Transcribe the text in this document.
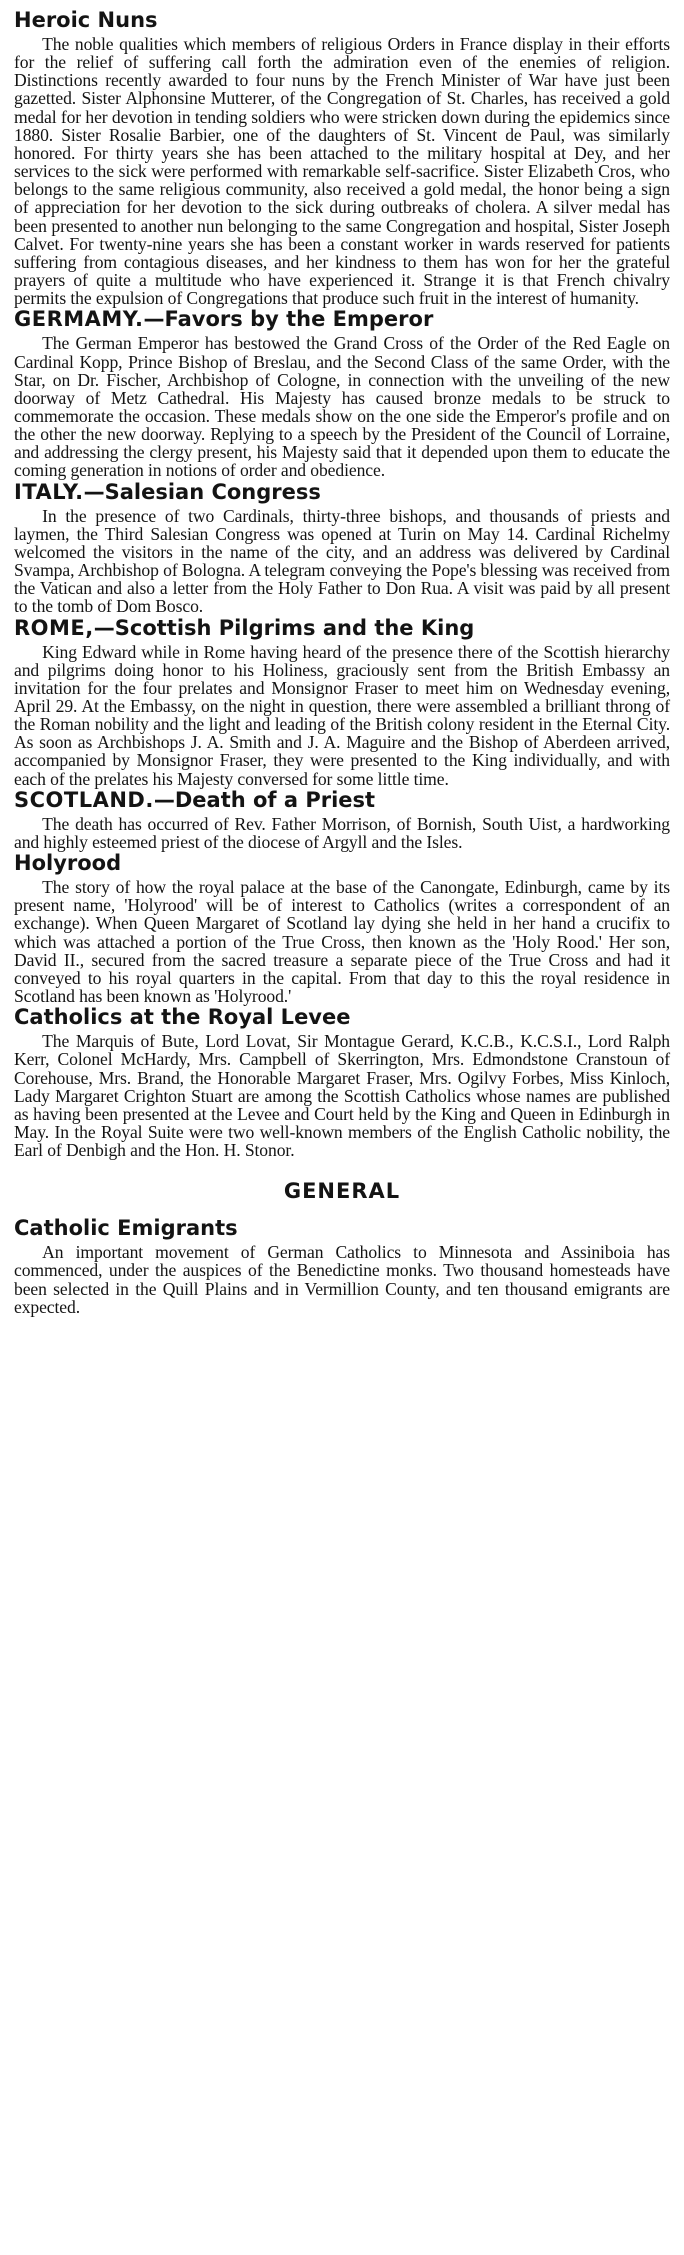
Heroic Nuns

The noble qualities which members of religious Orders in France display in their efforts for the relief of suffering call forth the admiration even of the enemies of religion. Distinctions recently awarded to four nuns by the French Minister of War have just been gazetted. Sister Alphonsine Mutterer, of the Congregation of St. Charles, has received a gold medal for her devotion in tending soldiers who were stricken down during the epidemics since 1880. Sister Rosalie Barbier, one of the daughters of St. Vincent de Paul, was similarly honored. For thirty years she has been attached to the military hospital at Dey, and her services to the sick were performed with remarkable self-sacrifice. Sister Elizabeth Cros, who belongs to the same religious community, also received a gold medal, the honor being a sign of appreciation for her devotion to the sick during outbreaks of cholera. A silver medal has been presented to another nun belonging to the same Congregation and hospital, Sister Joseph Calvet. For twenty-nine years she has been a constant worker in wards reserved for patients suffering from contagious diseases, and her kindness to them has won for her the grateful prayers of quite a multitude who have experienced it. Strange it is that French chivalry permits the expulsion of Congregations that produce such fruit in the interest of humanity.

GERMAMY.—Favors by the Emperor

The German Emperor has bestowed the Grand Cross of the Order of the Red Eagle on Cardinal Kopp, Prince Bishop of Breslau, and the Second Class of the same Order, with the Star, on Dr. Fischer, Archbishop of Cologne, in connection with the unveiling of the new doorway of Metz Cathedral. His Majesty has caused bronze medals to be struck to commemorate the occasion. These medals show on the one side the Emperor's profile and on the other the new doorway. Replying to a speech by the President of the Council of Lorraine, and addressing the clergy present, his Majesty said that it depended upon them to educate the coming generation in notions of order and obedience.

ITALY.—Salesian Congress

In the presence of two Cardinals, thirty-three bishops, and thousands of priests and laymen, the Third Salesian Congress was opened at Turin on May 14. Cardinal Richelmy welcomed the visitors in the name of the city, and an address was delivered by Cardinal Svampa, Archbishop of Bologna. A telegram conveying the Pope's blessing was received from the Vatican and also a letter from the Holy Father to Don Rua. A visit was paid by all present to the tomb of Dom Bosco.

ROME,—Scottish Pilgrims and the King

King Edward while in Rome having heard of the presence there of the Scottish hierarchy and pilgrims doing honor to his Holiness, graciously sent from the British Embassy an invitation for the four prelates and Monsignor Fraser to meet him on Wednesday evening, April 29. At the Embassy, on the night in question, there were assembled a brilliant throng of the Roman nobility and the light and leading of the British colony resident in the Eternal City. As soon as Archbishops J. A. Smith and J. A. Maguire and the Bishop of Aberdeen arrived, accompanied by Monsignor Fraser, they were presented to the King individually, and with each of the prelates his Majesty conversed for some little time.

SCOTLAND.—Death of a Priest

The death has occurred of Rev. Father Morrison, of Bornish, South Uist, a hardworking and highly esteemed priest of the diocese of Argyll and the Isles.

Holyrood

The story of how the royal palace at the base of the Canongate, Edinburgh, came by its present name, 'Holyrood' will be of interest to Catholics (writes a correspondent of an exchange). When Queen Margaret of Scotland lay dying she held in her hand a crucifix to which was attached a portion of the True Cross, then known as the 'Holy Rood.' Her son, David II., secured from the sacred treasure a separate piece of the True Cross and had it conveyed to his royal quarters in the capital. From that day to this the royal residence in Scotland has been known as 'Holyrood.'

Catholics at the Royal Levee

The Marquis of Bute, Lord Lovat, Sir Montague Gerard, K.C.B., K.C.S.I., Lord Ralph Kerr, Colonel McHardy, Mrs. Campbell of Skerrington, Mrs. Edmondstone Cranstoun of Corehouse, Mrs. Brand, the Honorable Margaret Fraser, Mrs. Ogilvy Forbes, Miss Kinloch, Lady Margaret Crighton Stuart are among the Scottish Catholics whose names are published as having been presented at the Levee and Court held by the King and Queen in Edinburgh in May. In the Royal Suite were two well-known members of the English Catholic nobility, the Earl of Denbigh and the Hon. H. Stonor.

GENERAL
Catholic Emigrants

An important movement of German Catholics to Minnesota and Assiniboia has commenced, under the auspices of the Benedictine monks. Two thousand homesteads have been selected in the Quill Plains and in Vermillion County, and ten thousand emigrants are expected.
